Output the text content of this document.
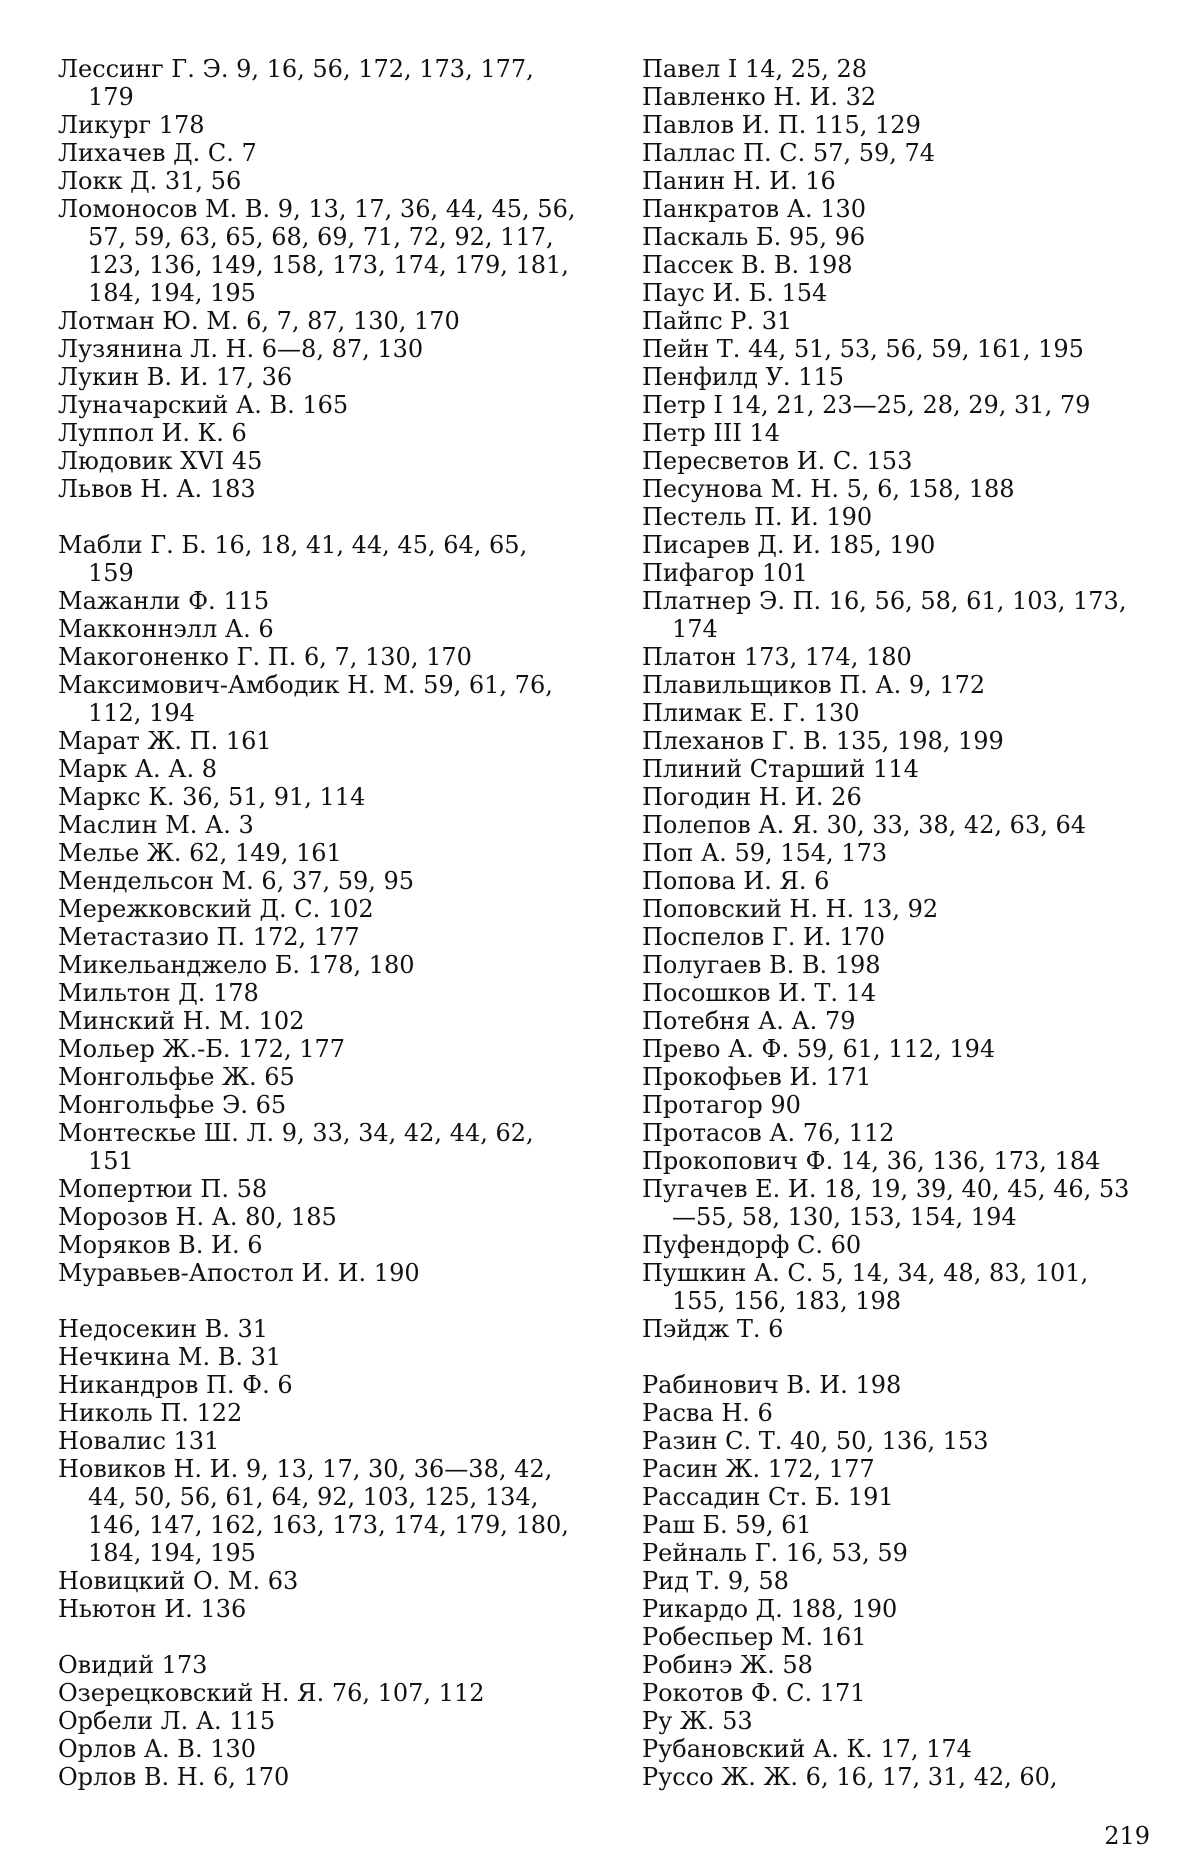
Лессинг Г. Э. 9, 16, 56, 172, 173, 177, 179
Ликург 178
Лихачев Д. С. 7
Локк Д. 31, 56
Ломоносов М. В. 9, 13, 17, 36, 44, 45, 56, 57, 59, 63, 65, 68, 69, 71, 72, 92, 117, 123, 136, 149, 158, 173, 174, 179, 181, 184, 194, 195
Лотман Ю. М. 6, 7, 87, 130, 170
Лузянина Л. Н. 6—8, 87, 130
Лукин В. И. 17, 36
Луначарский А. В. 165
Луппол И. К. 6
Людовик XVI 45
Львов Н. А. 183
Мабли Г. Б. 16, 18, 41, 44, 45, 64, 65, 159
Мажанли Ф. 115
Макконнэлл А. 6
Макогоненко Г. П. 6, 7, 130, 170
Максимович-Амбодик Н. М. 59, 61, 76, 112, 194
Марат Ж. П. 161
Марк А. А. 8
Маркс К. 36, 51, 91, 114
Маслин М. А. 3
Мелье Ж. 62, 149, 161
Мендельсон М. 6, 37, 59, 95
Мережковский Д. С. 102
Метастазио П. 172, 177
Микельанджело Б. 178, 180
Мильтон Д. 178
Минский Н. М. 102
Мольер Ж.-Б. 172, 177
Монгольфье Ж. 65
Монгольфье Э. 65
Монтескье Ш. Л. 9, 33, 34, 42, 44, 62, 151
Мопертюи П. 58
Морозов Н. А. 80, 185
Моряков В. И. 6
Муравьев-Апостол И. И. 190
Недосекин В. 31
Нечкина М. В. 31
Никандров П. Ф. 6
Николь П. 122
Новалис 131
Новиков Н. И. 9, 13, 17, 30, 36—38, 42, 44, 50, 56, 61, 64, 92, 103, 125, 134, 146, 147, 162, 163, 173, 174, 179, 180, 184, 194, 195
Новицкий О. М. 63
Ньютон И. 136
Овидий 173
Озерецковский Н. Я. 76, 107, 112
Орбели Л. А. 115
Орлов А. В. 130
Орлов В. Н. 6, 170
Павел I 14, 25, 28
Павленко Н. И. 32
Павлов И. П. 115, 129
Паллас П. С. 57, 59, 74
Панин Н. И. 16
Панкратов А. 130
Паскаль Б. 95, 96
Пассек В. В. 198
Паус И. Б. 154
Пайпс Р. 31
Пейн Т. 44, 51, 53, 56, 59, 161, 195
Пенфилд У. 115
Петр I 14, 21, 23—25, 28, 29, 31, 79
Петр III 14
Пересветов И. С. 153
Песунова М. Н. 5, 6, 158, 188
Пестель П. И. 190
Писарев Д. И. 185, 190
Пифагор 101
Платнер Э. П. 16, 56, 58, 61, 103, 173, 174
Платон 173, 174, 180
Плавильщиков П. А. 9, 172
Плимак Е. Г. 130
Плеханов Г. В. 135, 198, 199
Плиний Старший 114
Погодин Н. И. 26
Полепов А. Я. 30, 33, 38, 42, 63, 64
Поп А. 59, 154, 173
Попова И. Я. 6
Поповский Н. Н. 13, 92
Поспелов Г. И. 170
Полугаев В. В. 198
Посошков И. Т. 14
Потебня А. А. 79
Прево А. Ф. 59, 61, 112, 194
Прокофьев И. 171
Протагор 90
Протасов А. 76, 112
Прокопович Ф. 14, 36, 136, 173, 184
Пугачев Е. И. 18, 19, 39, 40, 45, 46, 53—55, 58, 130, 153, 154, 194
Пуфендорф С. 60
Пушкин А. С. 5, 14, 34, 48, 83, 101, 155, 156, 183, 198
Пэйдж Т. 6
Рабинович В. И. 198
Расва Н. 6
Разин С. Т. 40, 50, 136, 153
Расин Ж. 172, 177
Рассадин Ст. Б. 191
Раш Б. 59, 61
Рейналь Г. 16, 53, 59
Рид Т. 9, 58
Рикардо Д. 188, 190
Робеспьер М. 161
Робинэ Ж. 58
Рокотов Ф. С. 171
Ру Ж. 53
Рубановский А. К. 17, 174
Руссо Ж. Ж. 6, 16, 17, 31, 42, 60,
219
